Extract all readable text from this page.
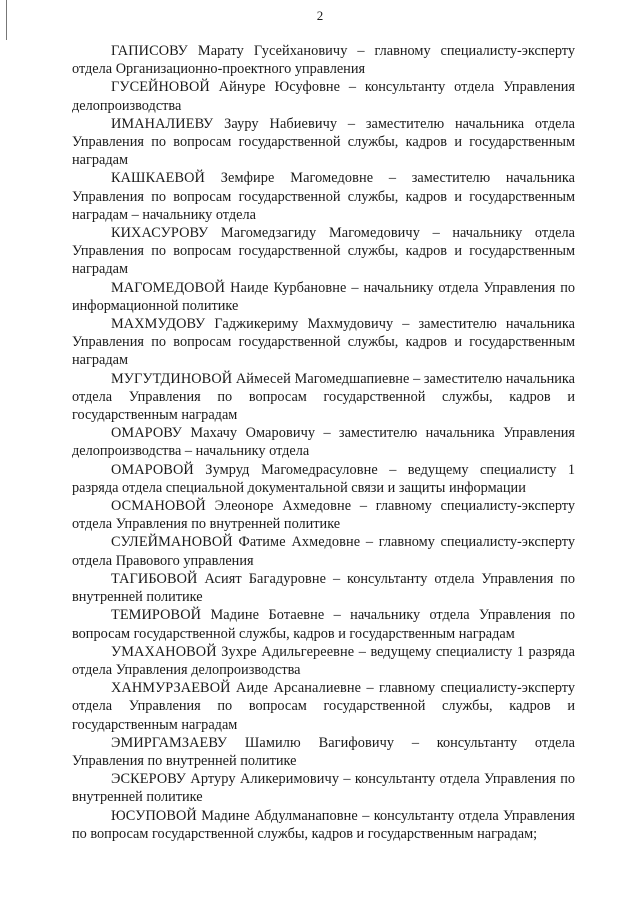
2

ГАПИСОВУ Марату Гусейхановичу – главному специалисту-эксперту отдела Организационно-проектного управления

ГУСЕЙНОВОЙ Айнуре Юсуфовне – консультанту отдела Управления делопроизводства

ИМАНАЛИЕВУ Зауру Набиевичу – заместителю начальника отдела Управления по вопросам государственной службы, кадров и государственным наградам

КАШКАЕВОЙ Земфире Магомедовне – заместителю начальника Управления по вопросам государственной службы, кадров и государственным наградам – начальнику отдела

КИХАСУРОВУ Магомедзагиду Магомедовичу – начальнику отдела Управления по вопросам государственной службы, кадров и государственным наградам

МАГОМЕДОВОЙ Наиде Курбановне – начальнику отдела Управления по информационной политике

МАХМУДОВУ Гаджикериму Махмудовичу – заместителю начальника Управления по вопросам государственной службы, кадров и государственным наградам

МУГУТДИНОВОЙ Аймесей Магомедшапиевне – заместителю начальника отдела Управления по вопросам государственной службы, кадров и государственным наградам

ОМАРОВУ Махачу Омаровичу – заместителю начальника Управления делопроизводства – начальнику отдела

ОМАРОВОЙ Зумруд Магомедрасуловне – ведущему специалисту 1 разряда отдела специальной документальной связи и защиты информации

ОСМАНОВОЙ Элеоноре Ахмедовне – главному специалисту-эксперту отдела Управления по внутренней политике

СУЛЕЙМАНОВОЙ Фатиме Ахмедовне – главному специалисту-эксперту отдела Правового управления

ТАГИБОВОЙ Асият Багадуровне – консультанту отдела Управления по внутренней политике

ТЕМИРОВОЙ Мадине Ботаевне – начальнику отдела Управления по вопросам государственной службы, кадров и государственным наградам

УМАХАНОВОЙ Зухре Адильгереевне – ведущему специалисту 1 разряда отдела Управления делопроизводства

ХАНМУРЗАЕВОЙ Аиде Арсаналиевне – главному специалисту-эксперту отдела Управления по вопросам государственной службы, кадров и государственным наградам

ЭМИРГАМЗАЕВУ Шамилю Вагифовичу – консультанту отдела Управления по внутренней политике

ЭСКЕРОВУ Артуру Аликеримовичу – консультанту отдела Управления по внутренней политике

ЮСУПОВОЙ Мадине Абдулманаповне – консультанту отдела Управления по вопросам государственной службы, кадров и государственным наградам;
